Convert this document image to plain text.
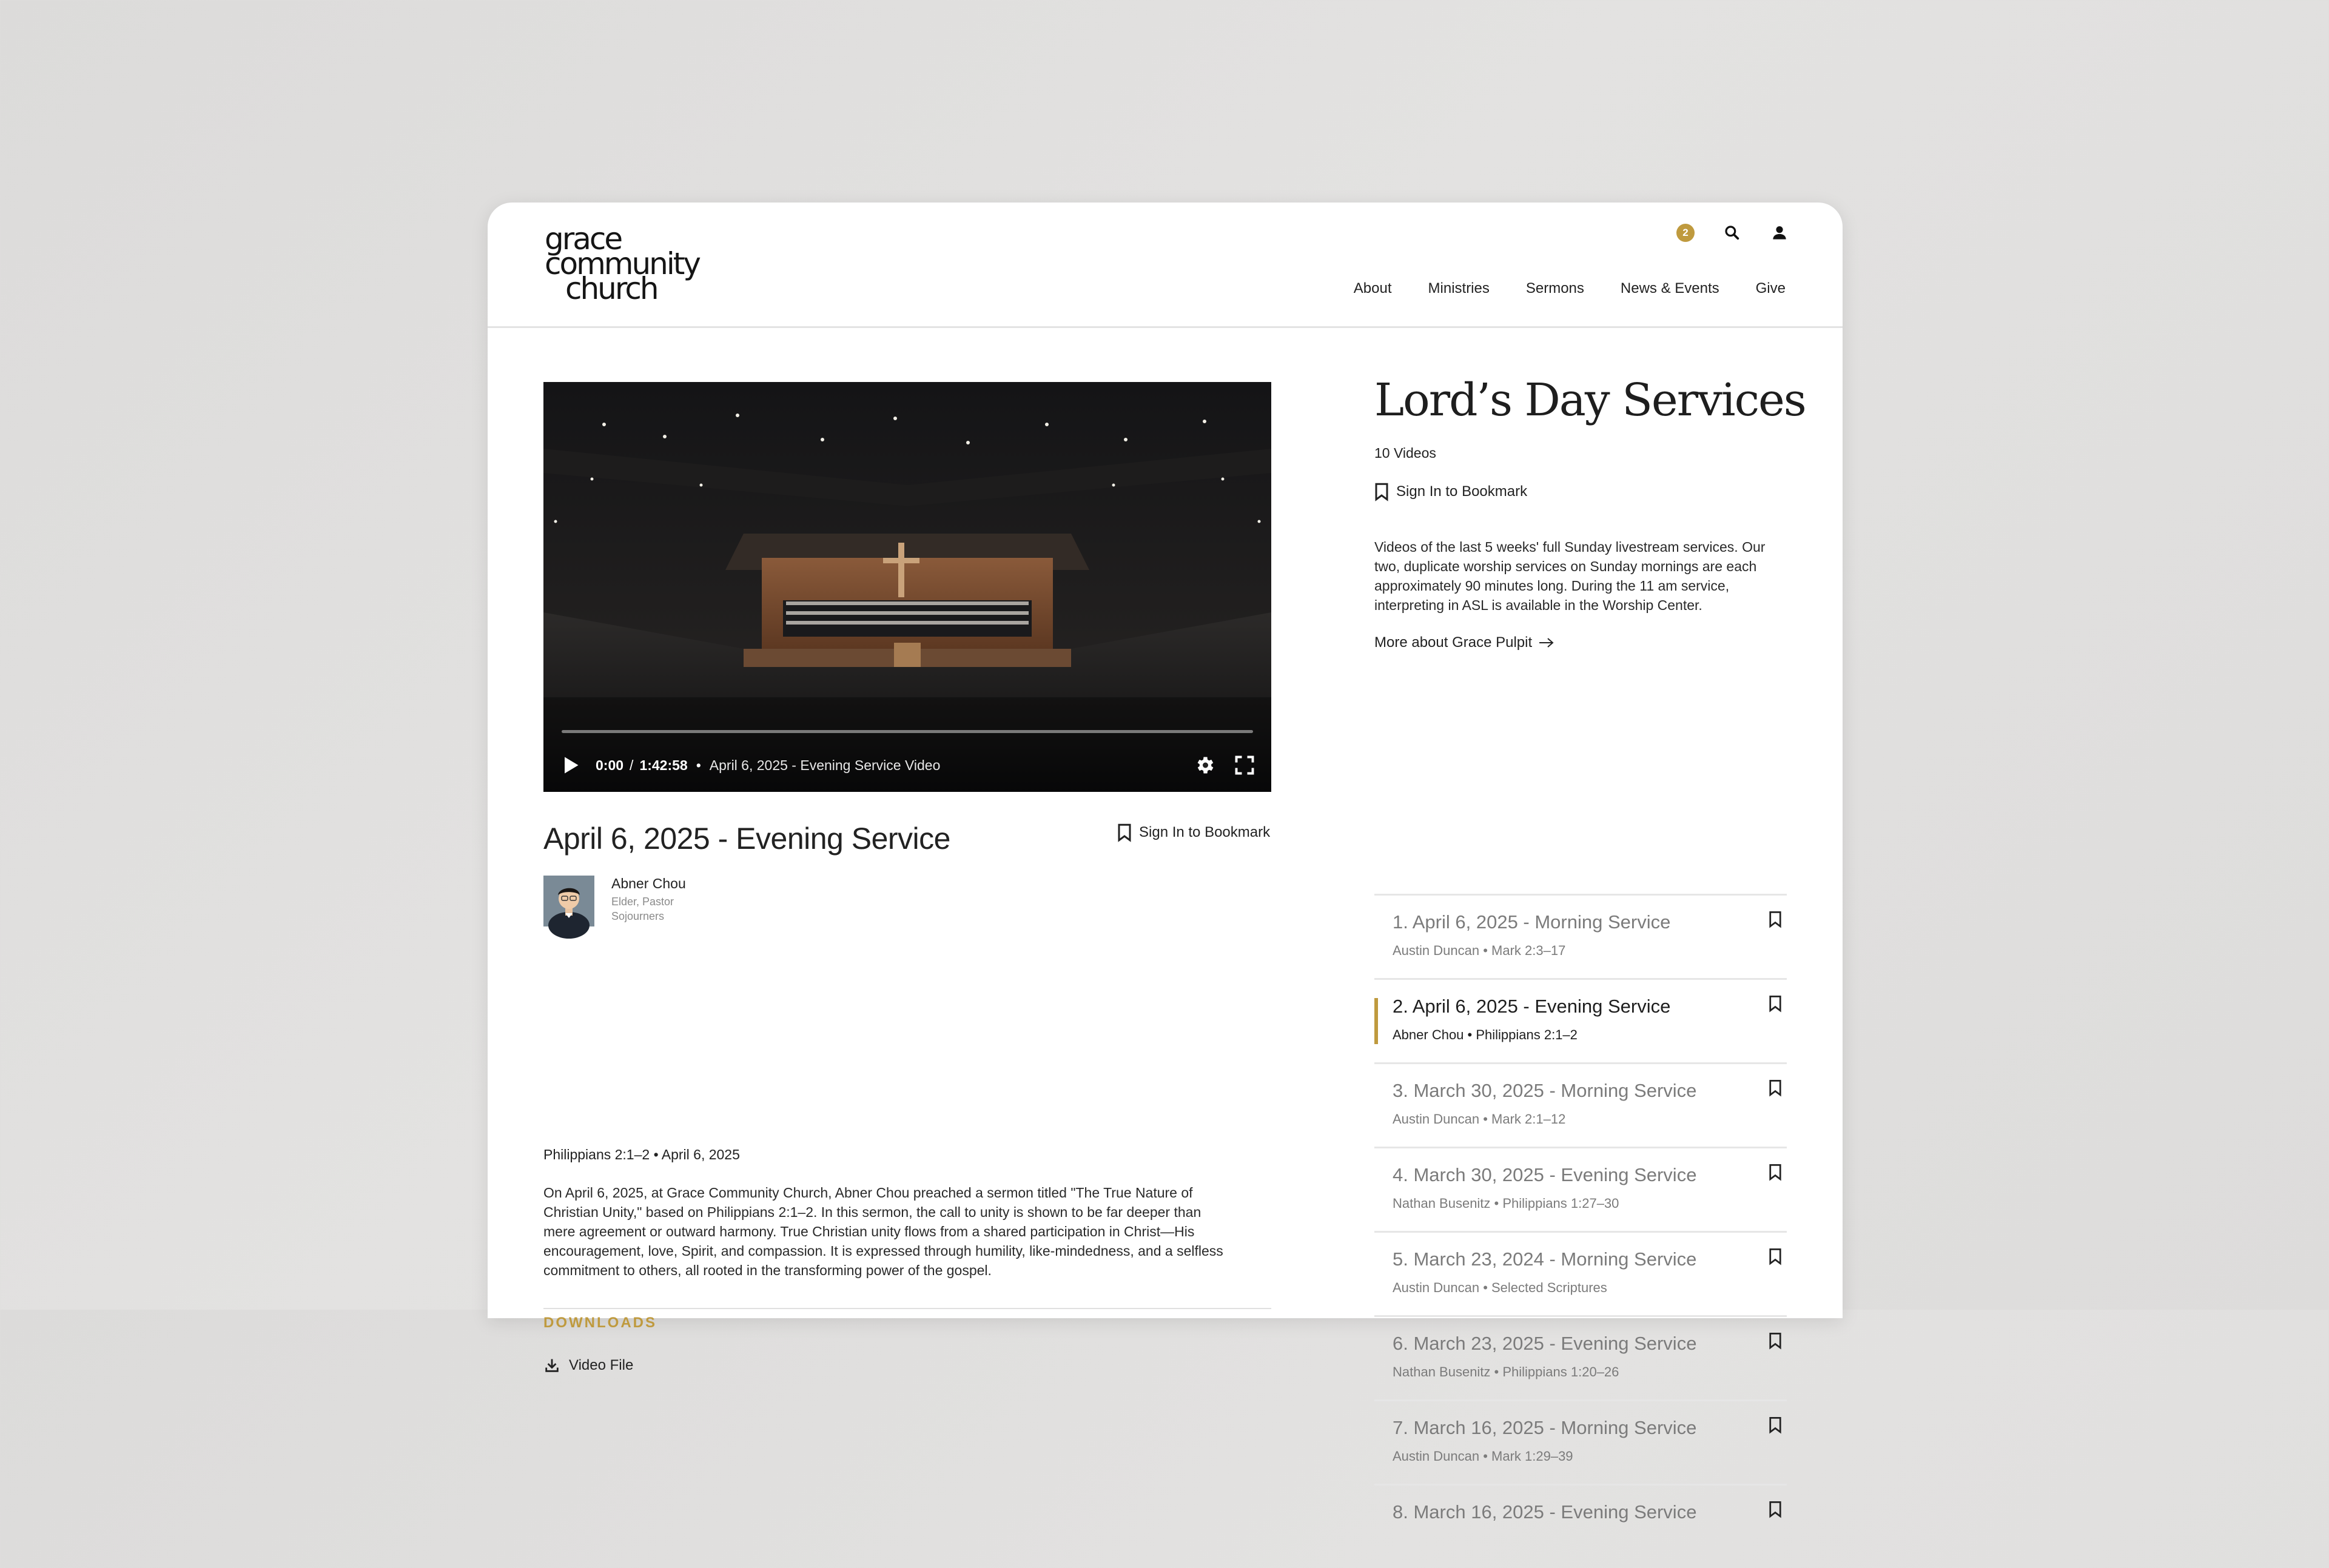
grace
community
church
2
About	Ministries	Sermons	News & Events	Give
0:00 / 1:42:58 • April 6, 2025 - Evening Service Video
April 6, 2025 - Evening Service	Sign In to Bookmark
Abner Chou
Elder, Pastor
Sojourners
Philippians 2:1–2 • April 6, 2025
On April 6, 2025, at Grace Community Church, Abner Chou preached a sermon titled "The True Nature of Christian Unity," based on Philippians 2:1–2. In this sermon, the call to unity is shown to be far deeper than mere agreement or outward harmony. True Christian unity flows from a shared participation in Christ—His encouragement, love, Spirit, and compassion. It is expressed through humility, like-mindedness, and a selfless commitment to others, all rooted in the transforming power of the gospel.
DOWNLOADS
Video File
Lord’s Day Services
10 Videos
Sign In to Bookmark
Videos of the last 5 weeks' full Sunday livestream services. Our two, duplicate worship services on Sunday mornings are each approximately 90 minutes long. During the 11 am service, interpreting in ASL is available in the Worship Center.
More about Grace Pulpit
1. April 6, 2025 - Morning Service
Austin Duncan • Mark 2:3–17
2. April 6, 2025 - Evening Service
Abner Chou • Philippians 2:1–2
3. March 30, 2025 - Morning Service
Austin Duncan • Mark 2:1–12
4. March 30, 2025 - Evening Service
Nathan Busenitz • Philippians 1:27–30
5. March 23, 2024 - Morning Service
Austin Duncan • Selected Scriptures
6. March 23, 2025 - Evening Service
Nathan Busenitz • Philippians 1:20–26
7. March 16, 2025 - Morning Service
Austin Duncan • Mark 1:29–39
8. March 16, 2025 - Evening Service
